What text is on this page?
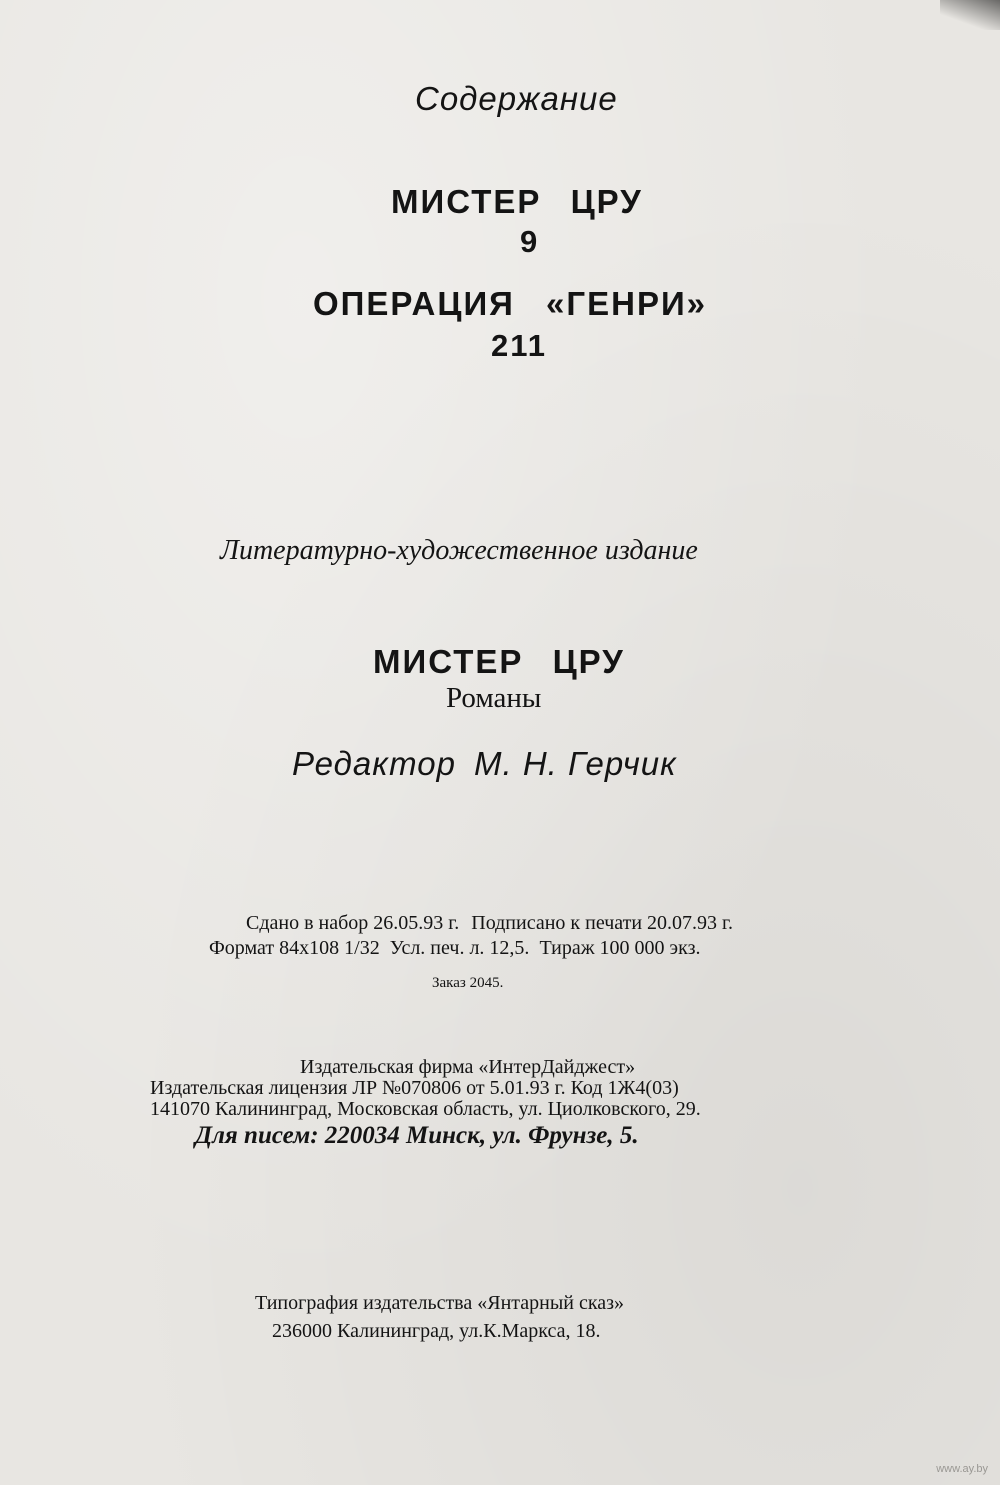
Содержание

МИСТЕР ЦРУ

9

ОПЕРАЦИЯ «ГЕНРИ»

211

Литературно-художественное издание

МИСТЕР ЦРУ

Романы

Редактор М. Н. Герчик

Сдано в набор 26.05.93 г. Подписано к печати 20.07.93 г.

Формат 84x108 1/32 Усл. печ. л. 12,5. Тираж 100 000 экз.

Заказ 2045.

Издательская фирма «ИнтерДайджест»

Издательская лицензия ЛР №070806 от 5.01.93 г. Код 1Ж4(03)

141070 Калининград, Московская область, ул. Циолковского, 29.

Для писем: 220034 Минск, ул. Фрунзе, 5.

Типография издательства «Янтарный сказ»

236000 Калининград, ул.К.Маркса, 18.

www.ay.by
